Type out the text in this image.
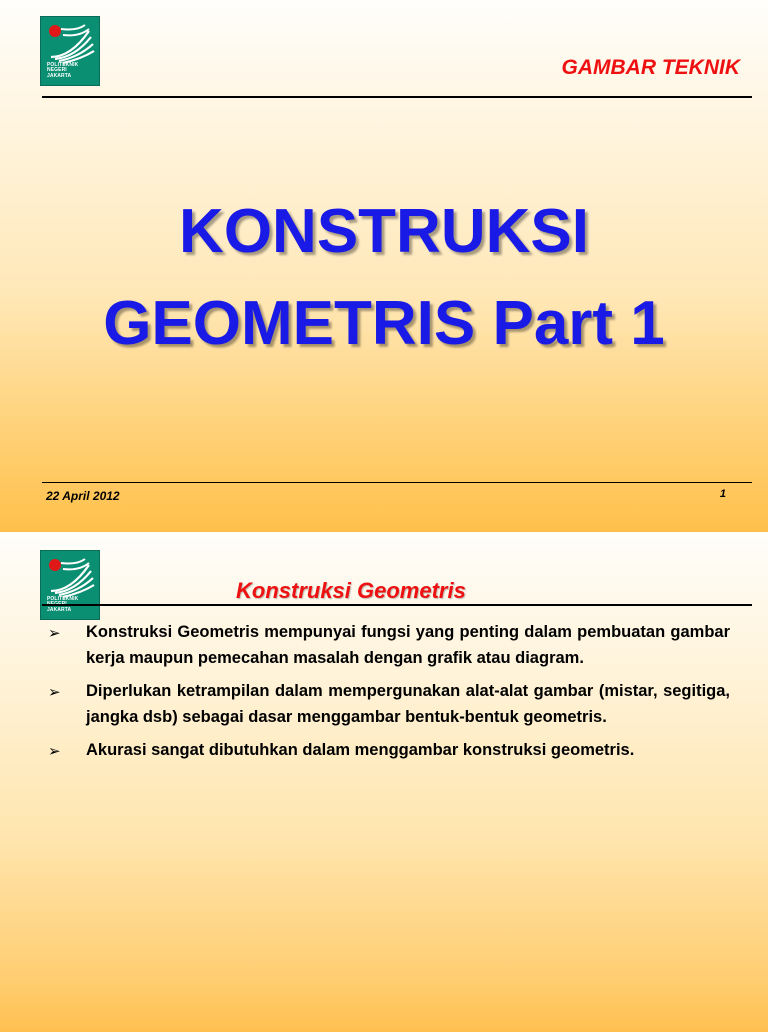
POLITEKNIK
NEGERI
JAKARTA	GAMBAR TEKNIK
KONSTRUKSI
GEOMETRIS Part 1
22 April 2012	1
POLITEKNIK

JAKARTA
Konstruksi Geometris
➢ Konstruksi Geometris mempunyai fungsi yang penting dalam pembuatan gambar kerja maupun pemecahan masalah dengan grafik atau diagram.
➢ Diperlukan ketrampilan dalam mempergunakan alat-alat gambar (mistar, segitiga, jangka dsb) sebagai dasar menggambar bentuk-bentuk geometris.
➢ Akurasi sangat dibutuhkan dalam menggambar konstruksi geometris.
